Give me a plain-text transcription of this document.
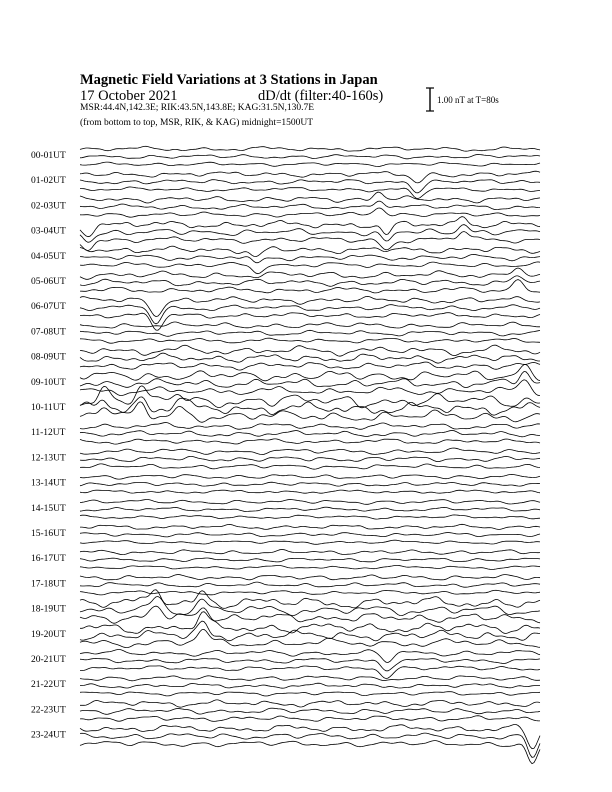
Magnetic Field Variations at 3 Stations in Japan
17 October 2021	dD/dt (filter:40-160s)
MSR:44.4N,142.3E; RIK:43.5N,143.8E; KAG:31.5N,130.7E
(from bottom to top, MSR, RIK, & KAG) midnight=1500UT
1.00 nT at T=80s
00-01UT
01-02UT
02-03UT
03-04UT
04-05UT
05-06UT
06-07UT
07-08UT
08-09UT
09-10UT
10-11UT
11-12UT
12-13UT
13-14UT
14-15UT
15-16UT
16-17UT
17-18UT
18-19UT
19-20UT
20-21UT
21-22UT
22-23UT
23-24UT
